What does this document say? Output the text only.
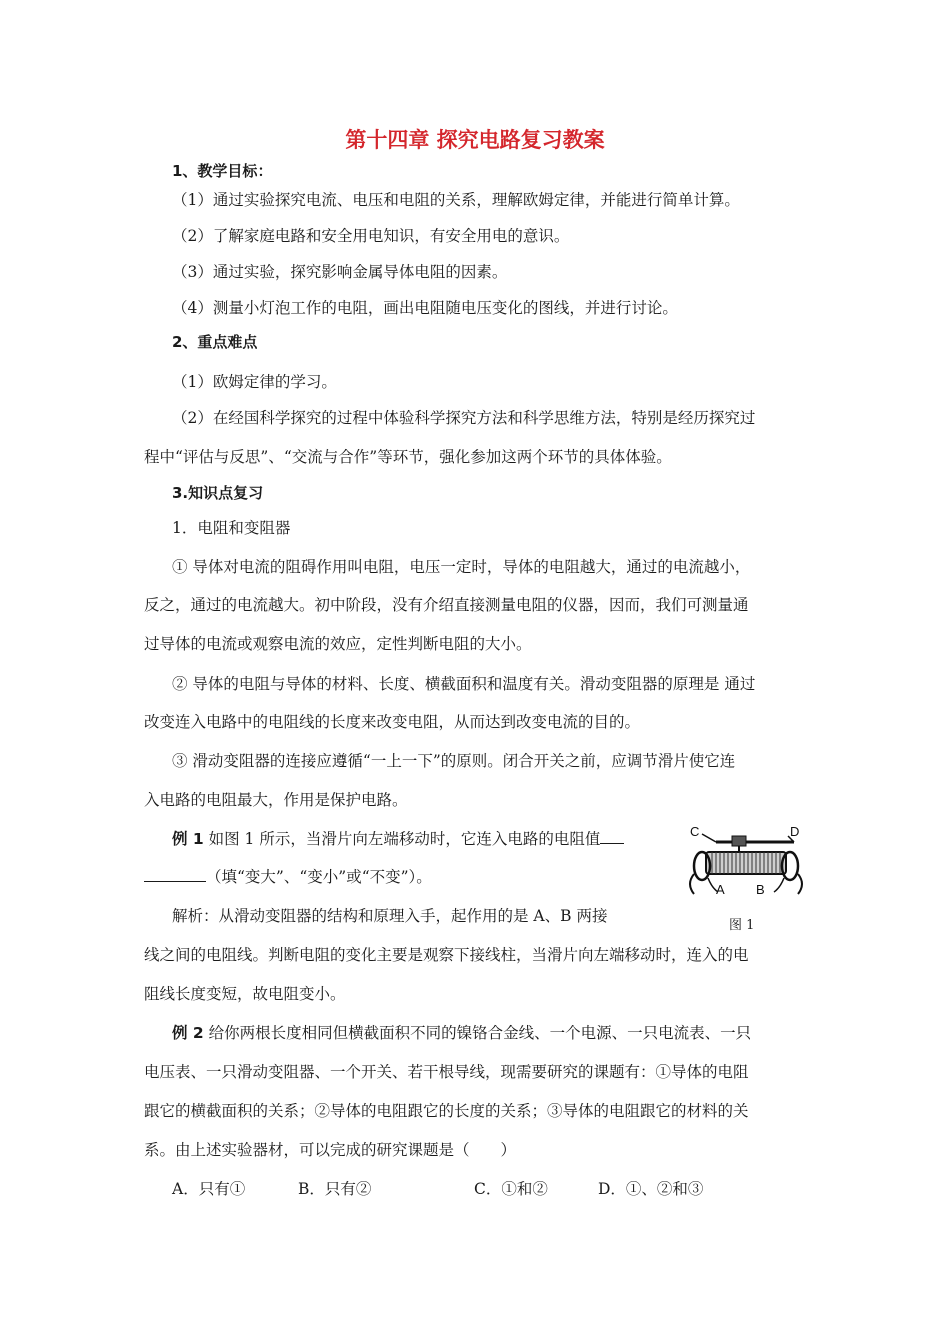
第十四章 探究电路复习教案
1、教学目标：
（1）通过实验探究电流、电压和电阻的关系，理解欧姆定律，并能进行简单计算。
（2）了解家庭电路和安全用电知识，有安全用电的意识。
（3）通过实验，探究影响金属导体电阻的因素。
（4）测量小灯泡工作的电阻，画出电阻随电压变化的图线，并进行讨论。
2、重点难点
（1）欧姆定律的学习。
（2）在经国科学探究的过程中体验科学探究方法和科学思维方法，特别是经历探究过
程中“评估与反思”、“交流与合作”等环节，强化参加这两个环节的具体体验。
3.知识点复习
1．电阻和变阻器
① 导体对电流的阻碍作用叫电阻，电压一定时，导体的电阻越大，通过的电流越小，
反之，通过的电流越大。初中阶段，没有介绍直接测量电阻的仪器，因而，我们可测量通
过导体的电流或观察电流的效应，定性判断电阻的大小。
② 导体的电阻与导体的材料、长度、横截面积和温度有关。滑动变阻器的原理是 通过
改变连入电路中的电阻线的长度来改变电阻，从而达到改变电流的目的。
③ 滑动变阻器的连接应遵循“一上一下”的原则。闭合开关之前，应调节滑片使它连
入电路的电阻最大，作用是保护电路。
例 1 如图 1 所示，当滑片向左端移动时，它连入电路的电阻值
（填“变大”、“变小”或“不变”）。
解析：从滑动变阻器的结构和原理入手，起作用的是 A、B 两接
线之间的电阻线。判断电阻的变化主要是观察下接线柱，当滑片向左端移动时，连入的电
阻线长度变短，故电阻变小。
C	D
A B
图 1
例 2 给你两根长度相同但横截面积不同的镍铬合金线、一个电源、一只电流表、一只
电压表、一只滑动变阻器、一个开关、若干根导线，现需要研究的课题有：①导体的电阻
跟它的横截面积的关系；②导体的电阻跟它的长度的关系；③导体的电阻跟它的材料的关
系。由上述实验器材，可以完成的研究课题是（　　）
A．只有①	B．只有②	C．①和②	D．①、②和③
